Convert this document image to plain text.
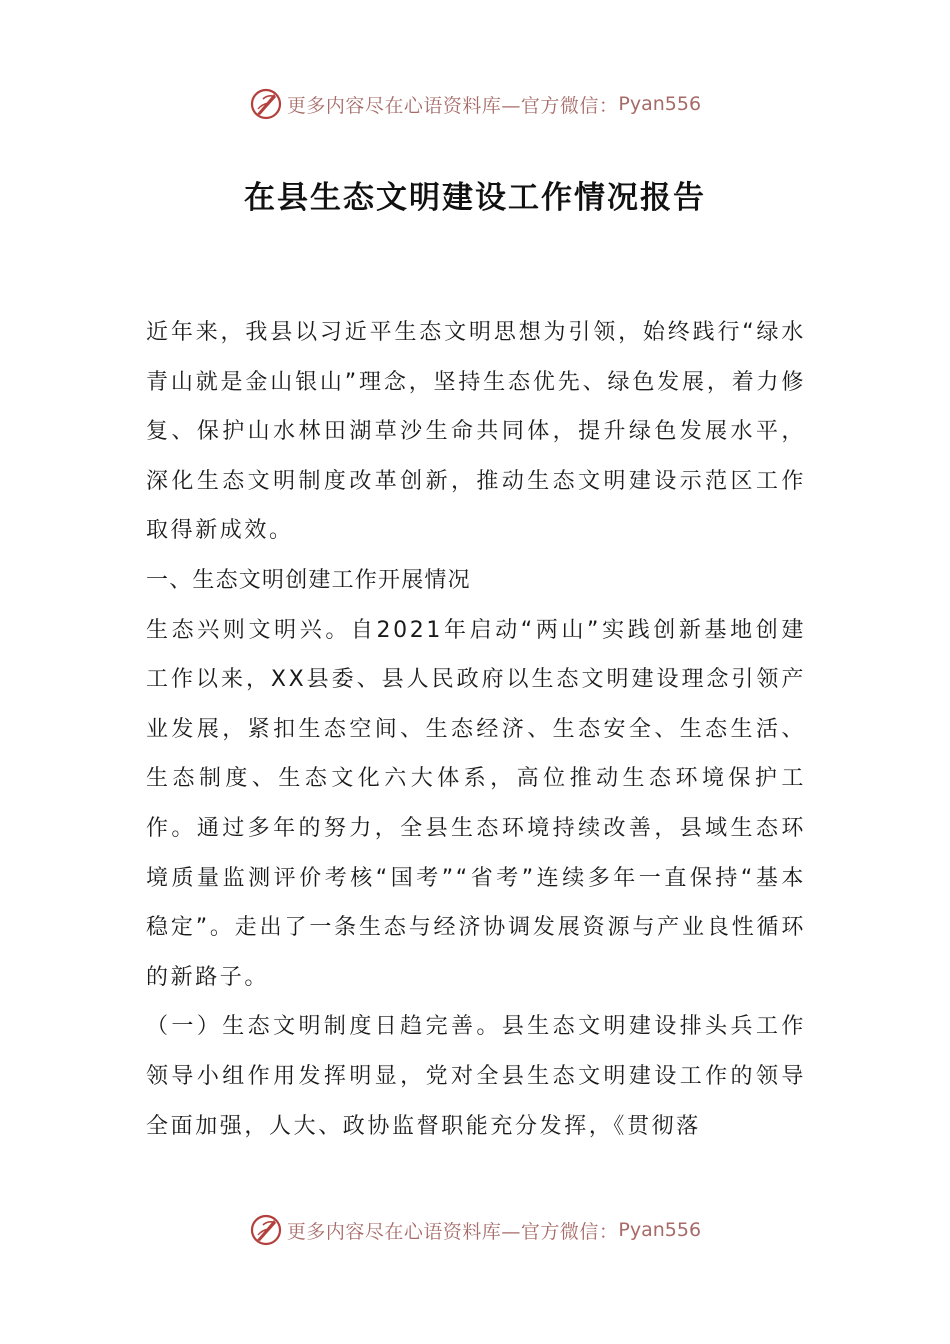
更多内容尽在心语资料库—官方微信： Pyan556
在县生态文明建设工作情况报告

近年来，我县以习近平生态文明思想为引领，始终践行“绿水青山就是金山银山”理念，坚持生态优先、绿色发展，着力修复、保护山水林田湖草沙生命共同体，提升绿色发展水平，深化生态文明制度改革创新，推动生态文明建设示范区工作取得新成效。

一、生态文明创建工作开展情况

生态兴则文明兴。自2021年启动“两山”实践创新基地创建工作以来，XX县委、县人民政府以生态文明建设理念引领产业发展，紧扣生态空间、生态经济、生态安全、生态生活、生态制度、生态文化六大体系，高位推动生态环境保护工作。通过多年的努力，全县生态环境持续改善，县域生态环境质量监测评价考核“国考”“省考”连续多年一直保持“基本稳定”。走出了一条生态与经济协调发展资源与产业良性循环的新路子。

（一）生态文明制度日趋完善。县生态文明建设排头兵工作领导小组作用发挥明显，党对全县生态文明建设工作的领导全面加强，人大、政协监督职能充分发挥，《贯彻落

更多内容尽在心语资料库—官方微信： Pyan556
